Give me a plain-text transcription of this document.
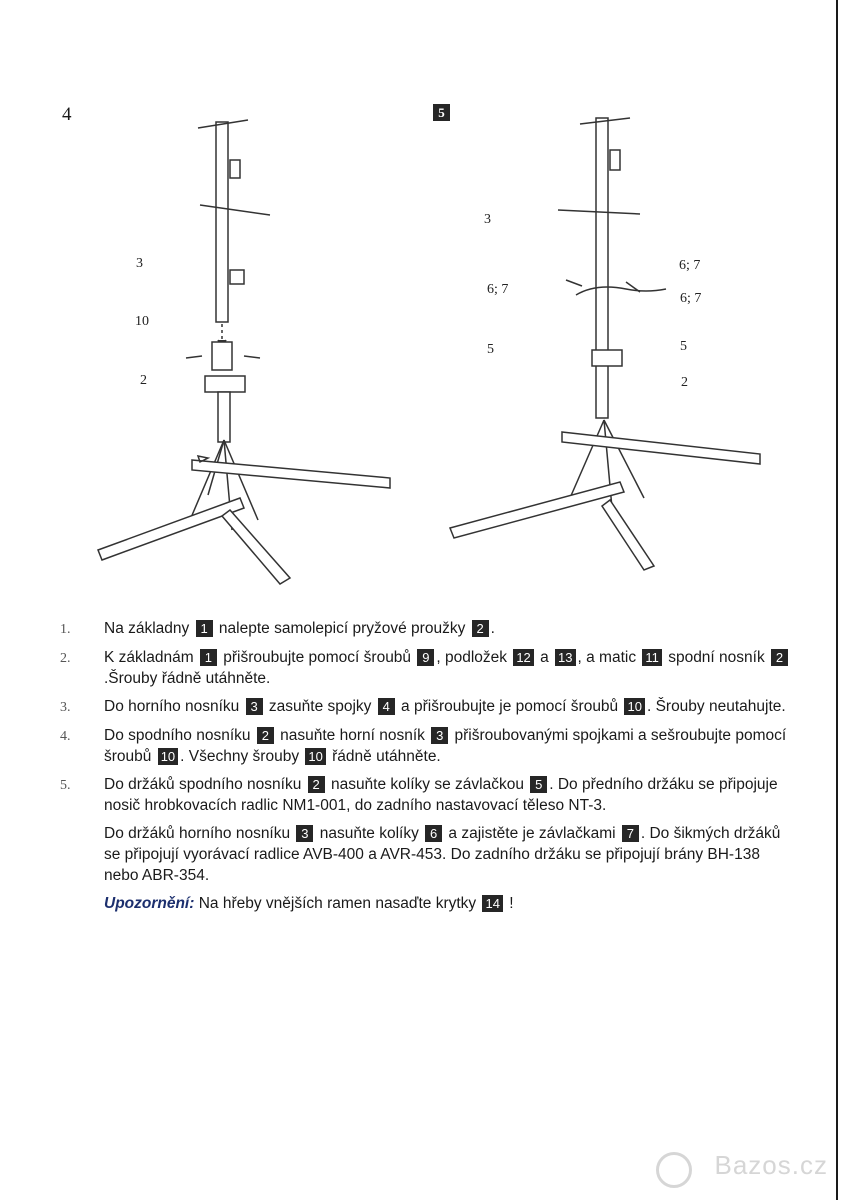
4
3
10
2
5
3
6; 7
6; 7
6; 7
5	5
2
1.	Na základny 1 nalepte samolepicí pryžové proužky 2 .
2.	K základnám 1 přišroubujte pomocí šroubů 9 , podložek 12 a 13 , a matic 11 spodní nosník 2.Šrouby řádně utáhněte.
3.	Do horního nosníku 3 zasuňte spojky 4 a přišroubujte je pomocí šroubů 10 . Šrouby neutahujte.
4.	Do spodního nosníku 2 nasuňte horní nosník 3 přišroubovanými spojkami a sešroubujte pomocí šroubů 10 . Všechny šrouby 10 řádně utáhněte.
5.	Do držáků spodního nosníku 2 nasuňte kolíky se závlačkou 5 . Do předního držáku se připojuje nosič hrobkovacích radlic NM1-001, do zadního nastavovací těleso NT-3.
Do držáků horního nosníku 3 nasuňte kolíky 6 a zajistěte je závlačkami 7 . Do šikmých držáků se připojují vyorávací radlice AVB-400 a AVR-453. Do zadního držáku se připojují brány BH-138 nebo ABR-354.
Upozornění: Na hřeby vnějších ramen nasaďte krytky 14 !
Bazos.cz
